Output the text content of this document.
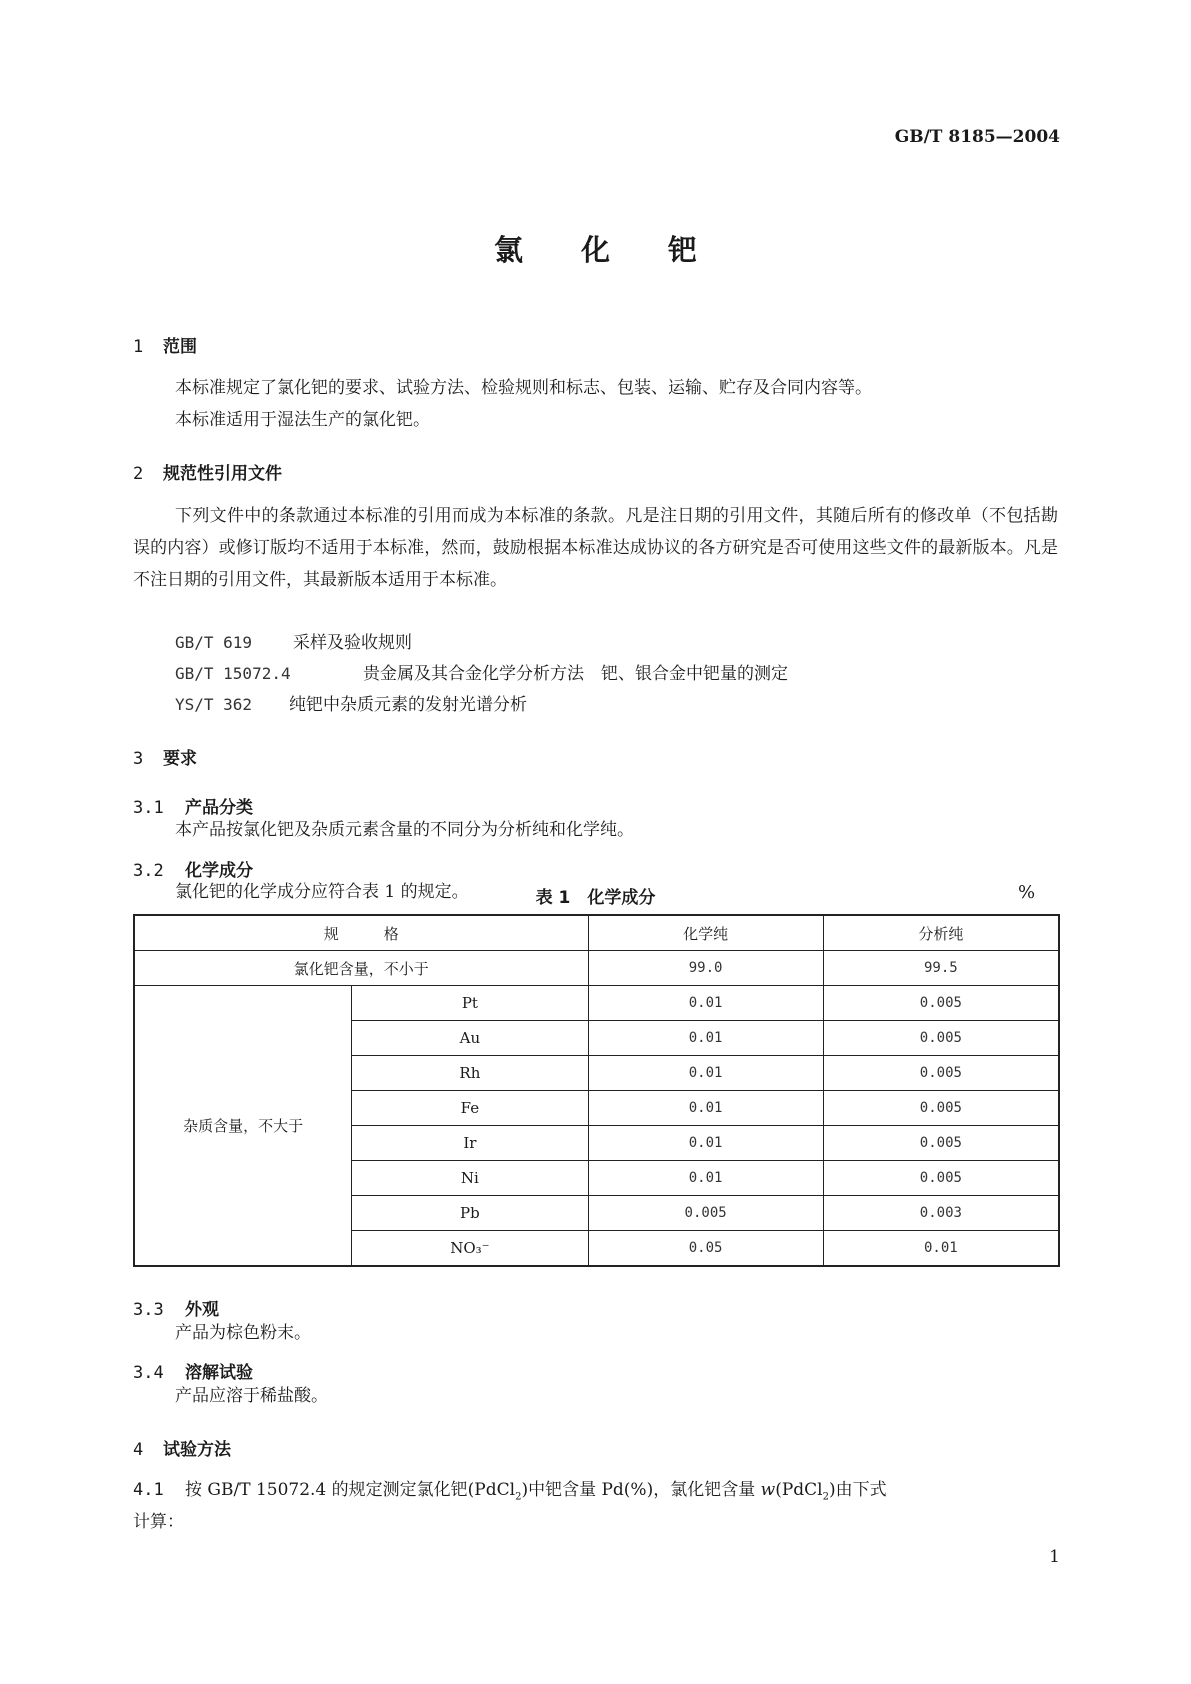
GB/T 8185—2004
氯化钯
1 范围
本标准规定了氯化钯的要求、试验方法、检验规则和标志、包装、运输、贮存及合同内容等。
本标准适用于湿法生产的氯化钯。
2 规范性引用文件
下列文件中的条款通过本标准的引用而成为本标准的条款。凡是注日期的引用文件，其随后所有的修改单（不包括勘误的内容）或修订版均不适用于本标准，然而，鼓励根据本标准达成协议的各方研究是否可使用这些文件的最新版本。凡是不注日期的引用文件，其最新版本适用于本标准。
GB/T 619 采样及验收规则
GB/T 15072.4	贵金属及其合金化学分析方法　钯、银合金中钯量的测定
YS/T 362 纯钯中杂质元素的发射光谱分析
3 要求
3.1 产品分类
本产品按氯化钯及杂质元素含量的不同分为分析纯和化学纯。
3.2 化学成分
氯化钯的化学成分应符合表 1 的规定。	表 1　化学成分	%
规　　　格		化学纯	分析纯
氯化钯含量，不小于		99.0	99.5
杂质含量，不大于	Pt	0.01	0.005
	Au	0.01	0.005
	Rh	0.01	0.005
	Fe	0.01	0.005
	Ir	0.01	0.005
	Ni	0.01	0.005
	Pb	0.005	0.003
	NO₃⁻	0.05	0.01
3.3 外观
产品为棕色粉末。
3.4 溶解试验
产品应溶于稀盐酸。
4 试验方法
4.1 按 GB/T 15072.4 的规定测定氯化钯(PdCl$_2$)中钯含量 Pd(%)，氯化钯含量 w(PdCl$_2$)由下式
计算：
1
